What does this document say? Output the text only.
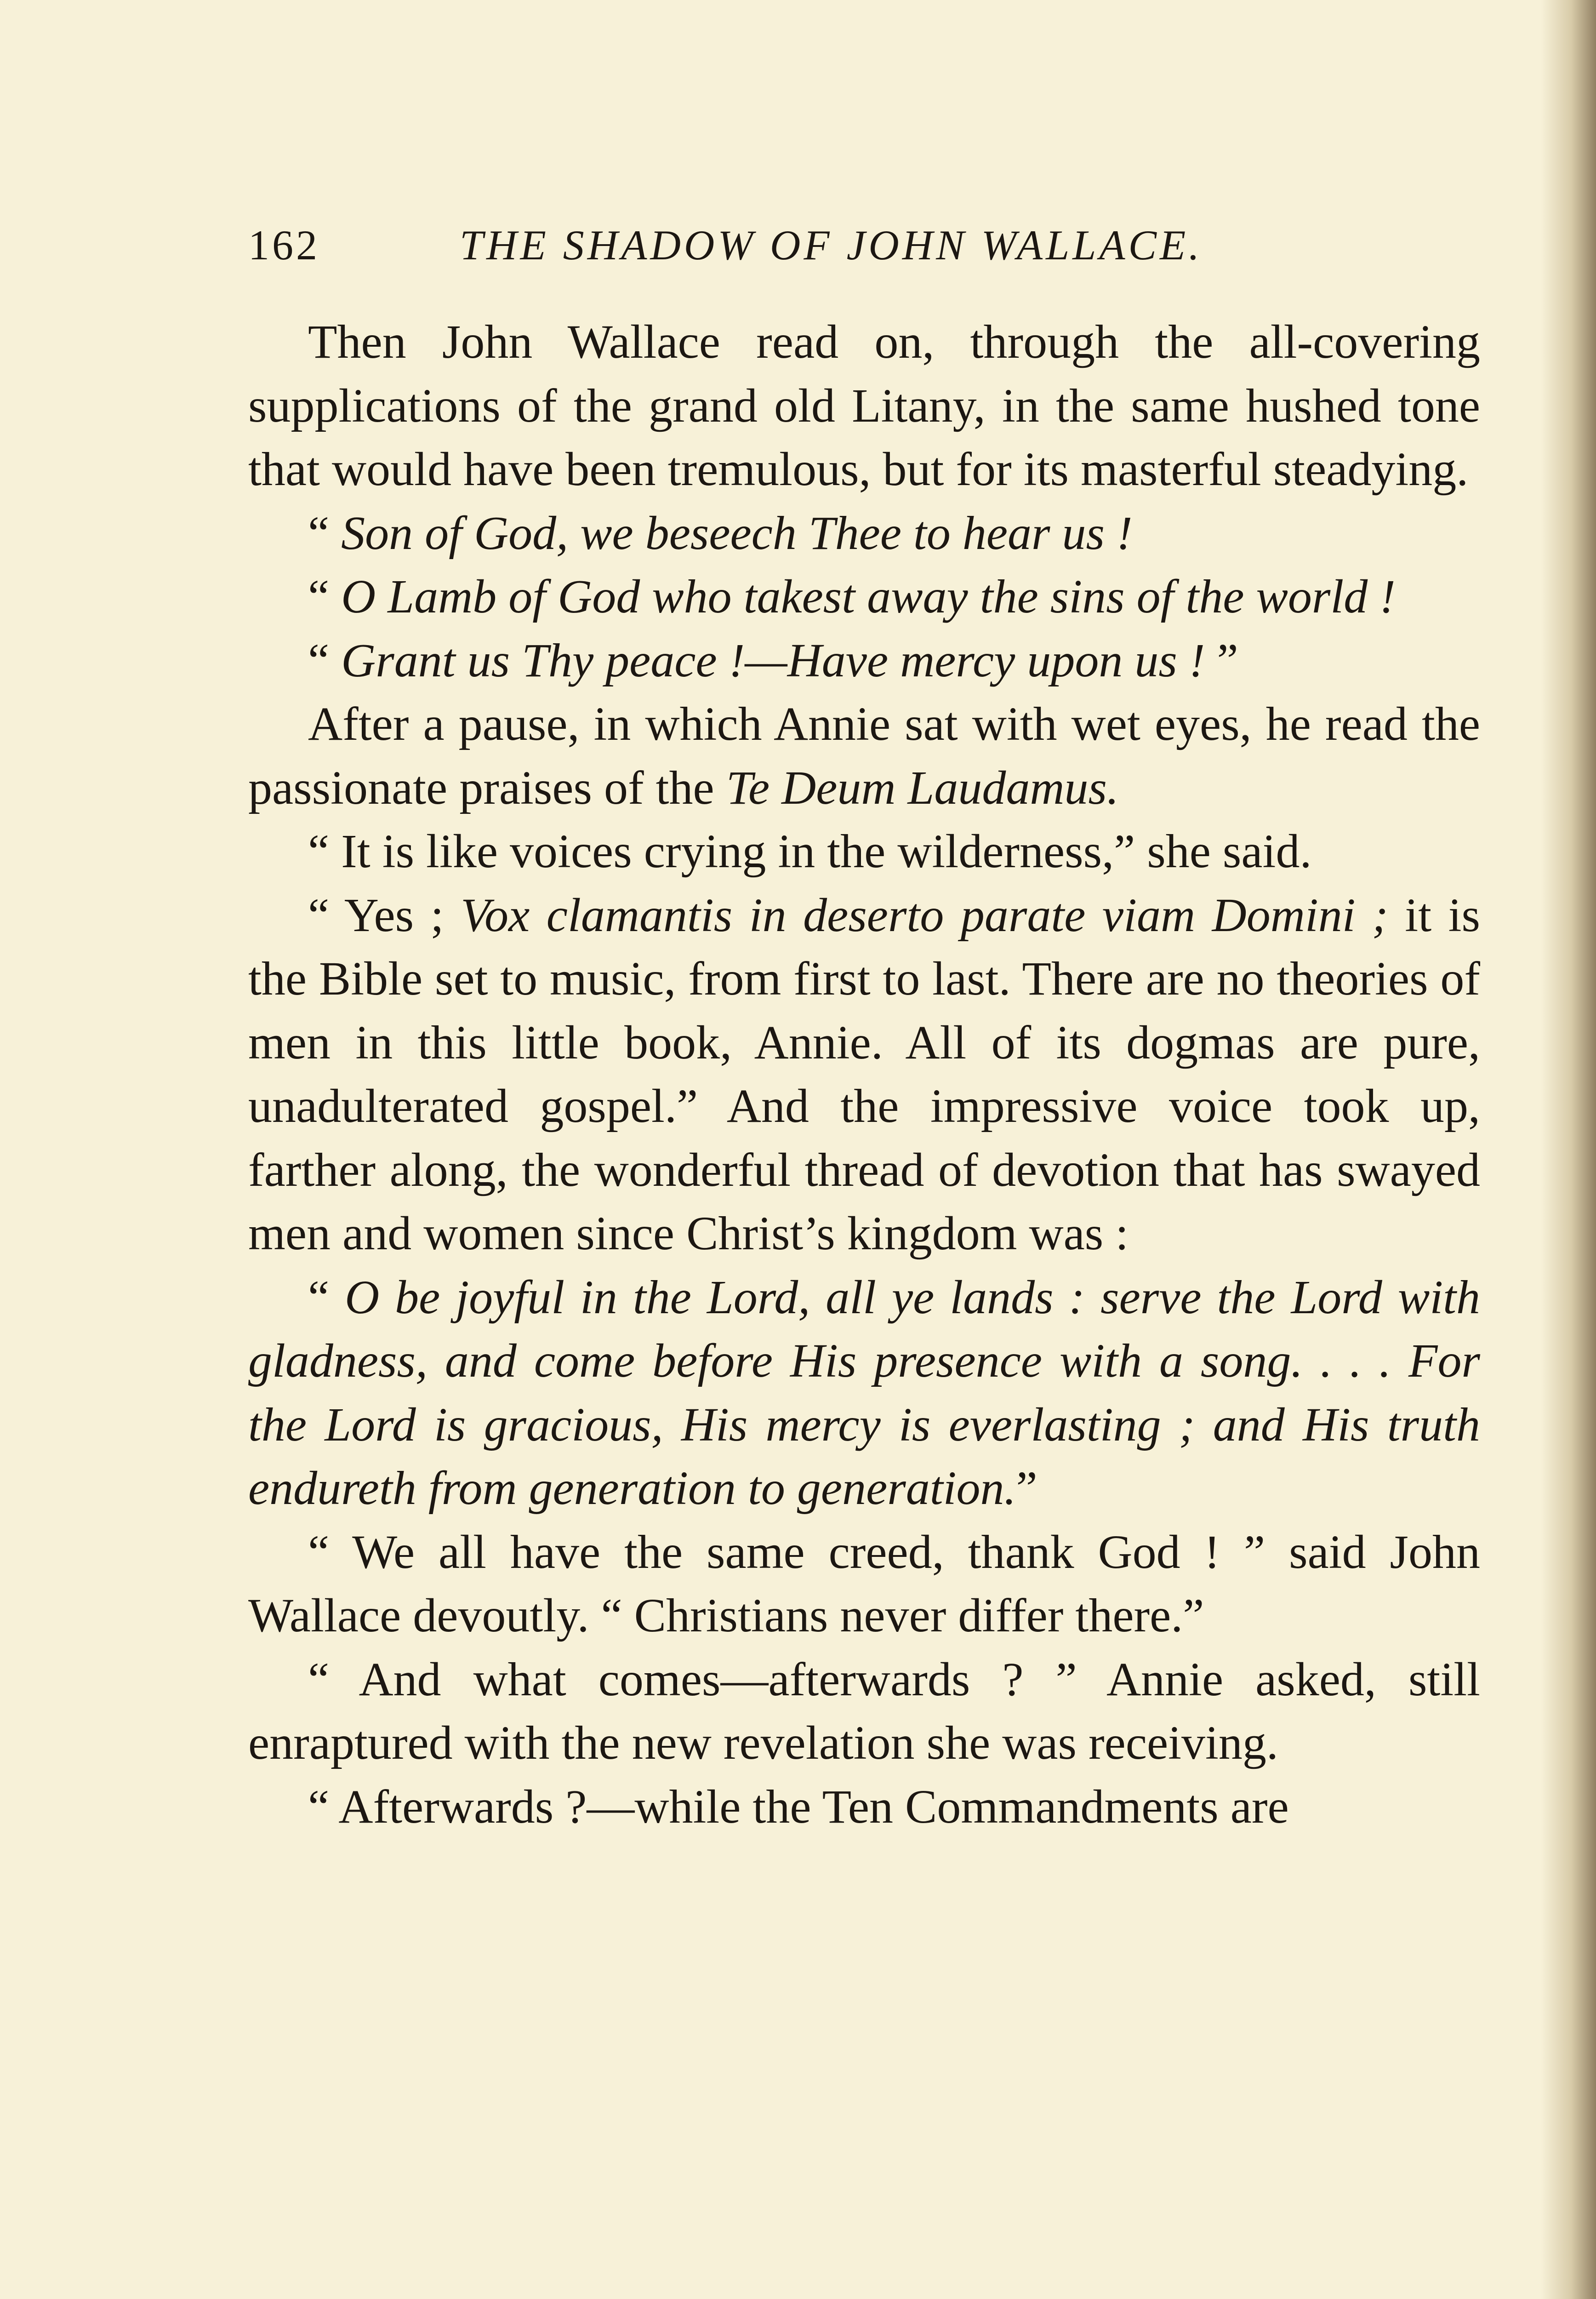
162	THE SHADOW OF JOHN WALLACE.

Then John Wallace read on, through the all-covering supplications of the grand old Litany, in the same hushed tone that would have been tremulous, but for its masterful steadying.

“ Son of God, we beseech Thee to hear us !

“ O Lamb of God who takest away the sins of the world !

“ Grant us Thy peace !—Have mercy upon us ! ”

After a pause, in which Annie sat with wet eyes, he read the passionate praises of the Te Deum Laudamus.

“ It is like voices crying in the wilderness,” she said.

“ Yes ; Vox clamantis in deserto parate viam Domini ; it is the Bible set to music, from first to last. There are no theories of men in this little book, Annie. All of its dogmas are pure, unadulterated gospel.” And the impressive voice took up, farther along, the wonderful thread of devotion that has swayed men and women since Christ’s kingdom was :

“ O be joyful in the Lord, all ye lands : serve the Lord with gladness, and come before His presence with a song. . . . For the Lord is gracious, His mercy is everlasting ; and His truth endureth from generation to generation.”

“ We all have the same creed, thank God ! ” said John Wallace devoutly. “ Christians never differ there.”

“ And what comes—afterwards ? ” Annie asked, still enraptured with the new revelation she was receiving.

“ Afterwards ?—while the Ten Commandments are
